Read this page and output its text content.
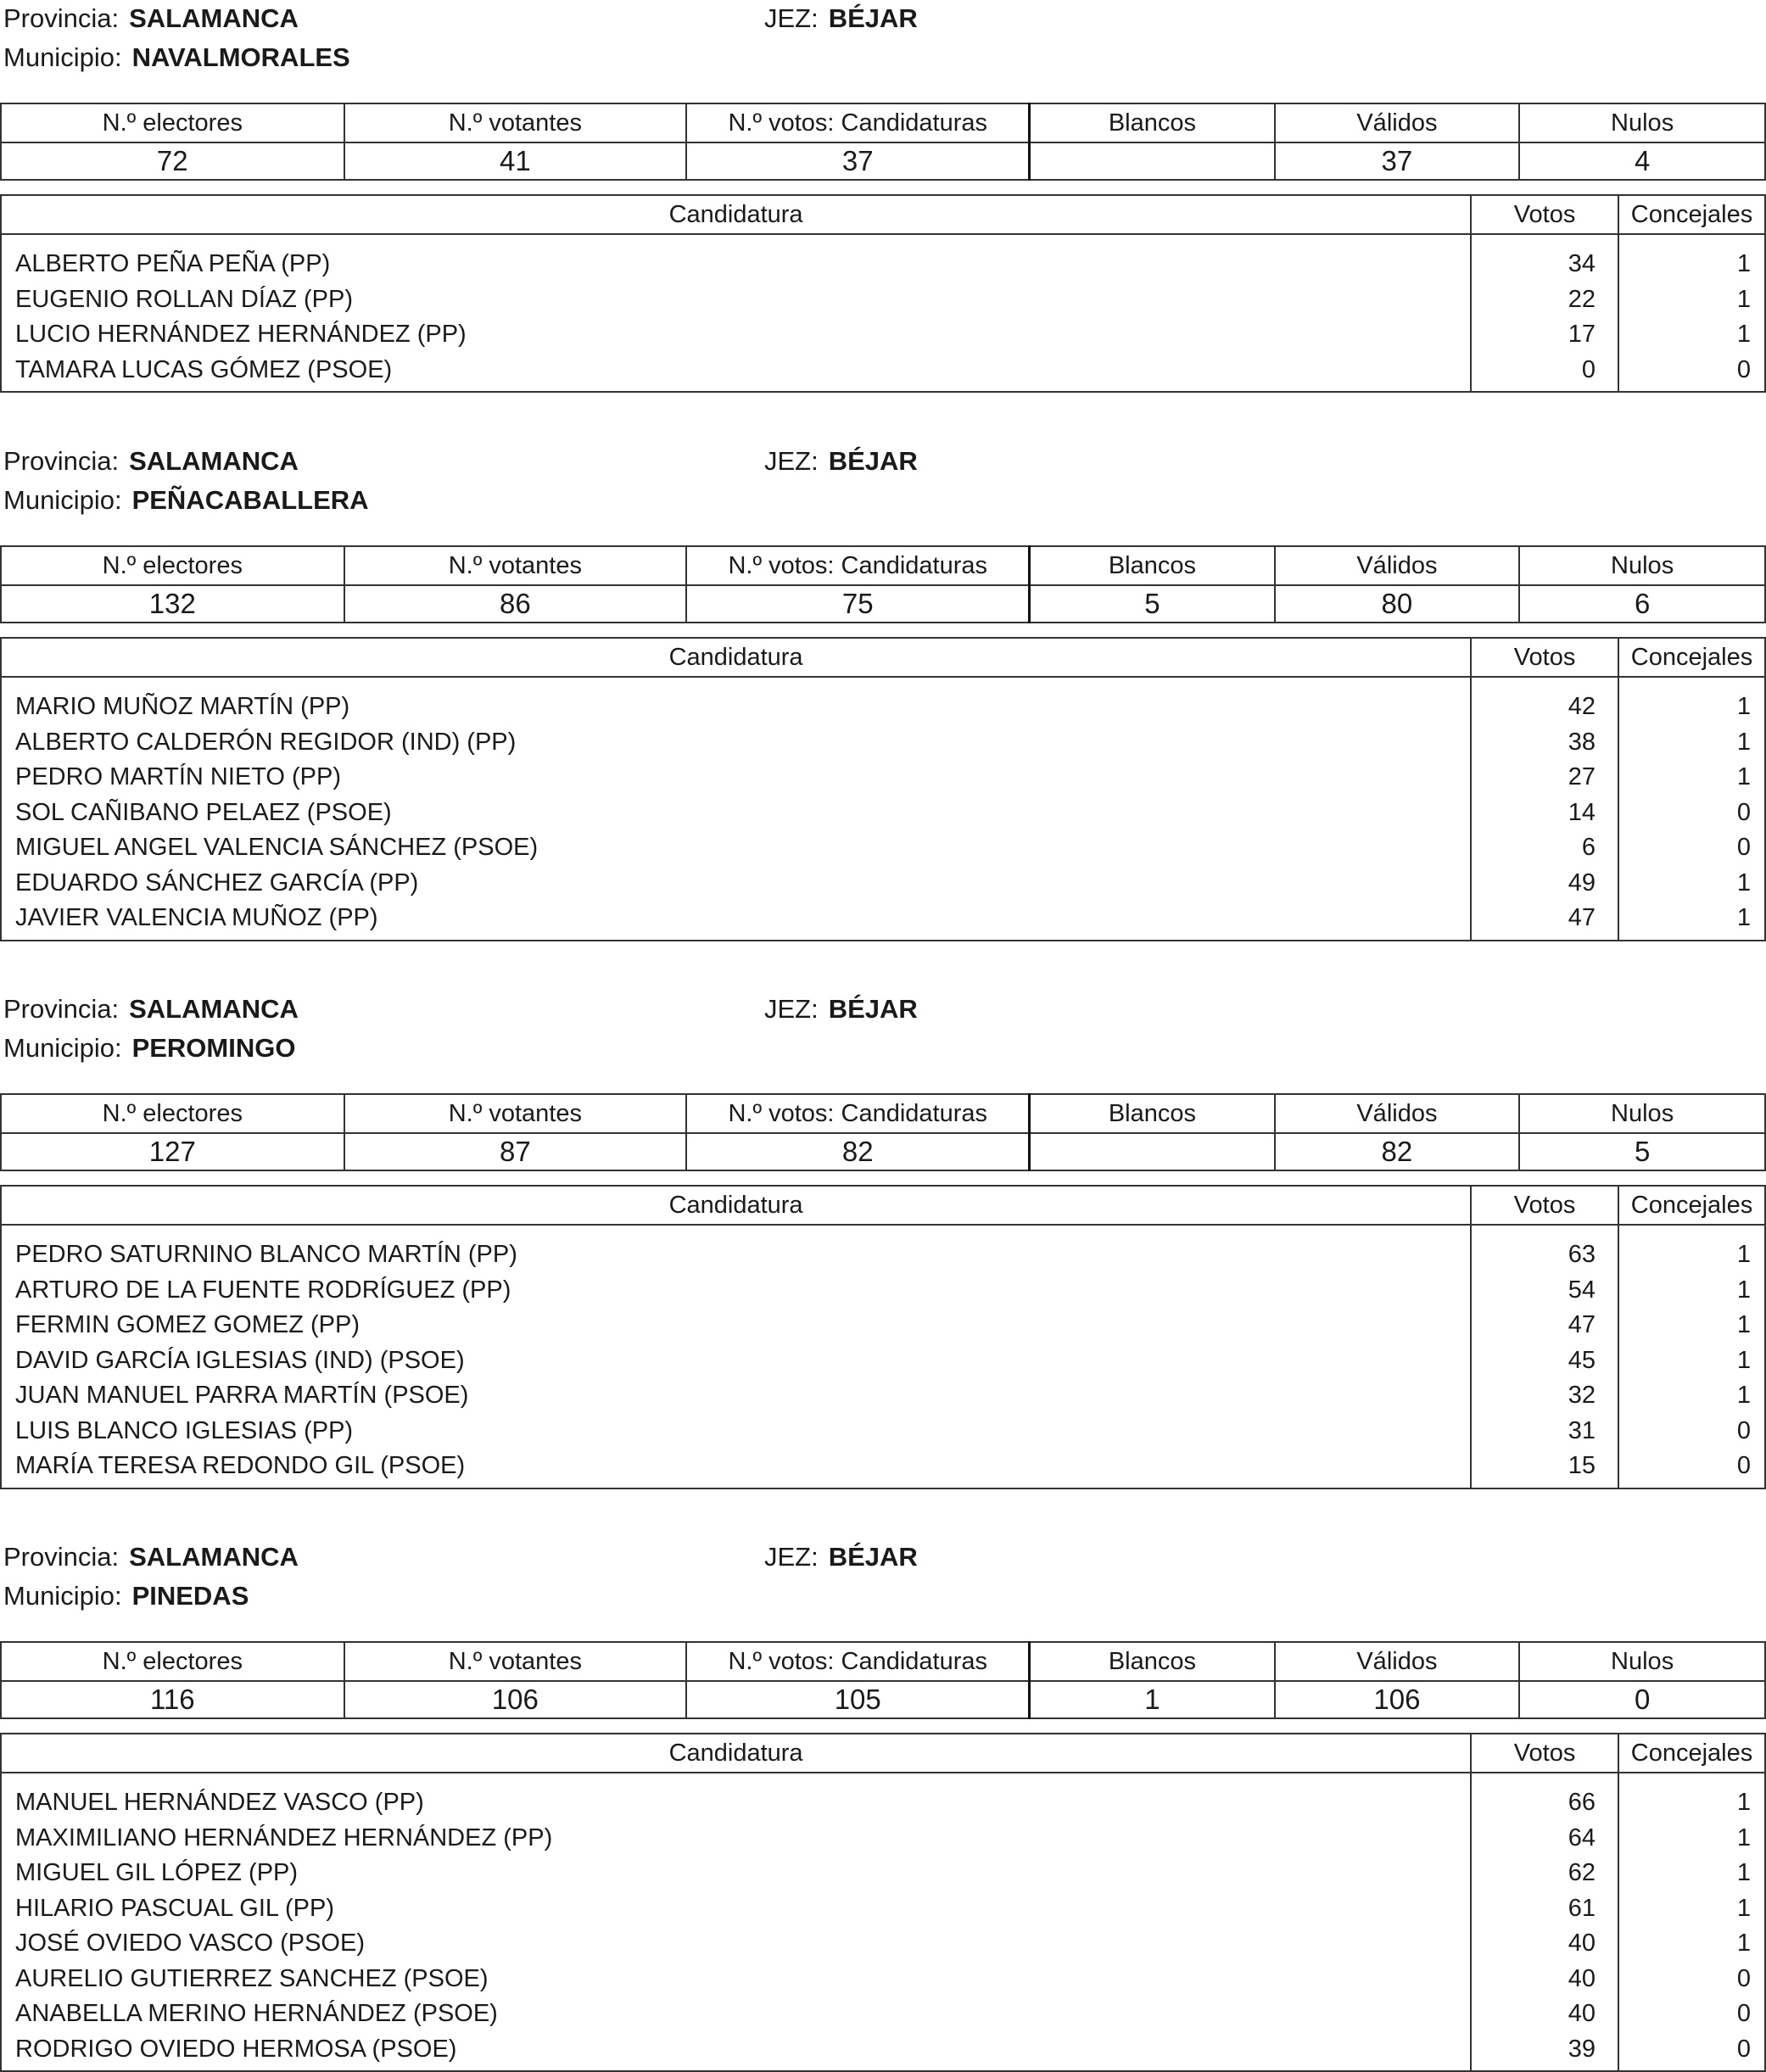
Provincia: SALAMANCA	JEZ: BÉJAR
Municipio: NAVALMORALES
N.º electores	N.º votantes	N.º votos: Candidaturas	Blancos	Válidos	Nulos
72	41	37		37	4
Candidatura	Votos	Concejales
ALBERTO PEÑA PEÑA (PP)	34	1
EUGENIO ROLLAN DÍAZ (PP)	22	1
LUCIO HERNÁNDEZ HERNÁNDEZ (PP)	17	1
TAMARA LUCAS GÓMEZ (PSOE)	0	0
Provincia: SALAMANCA	JEZ: BÉJAR
Municipio: PEÑACABALLERA
N.º electores	N.º votantes	N.º votos: Candidaturas	Blancos	Válidos	Nulos
132	86	75	5	80	6
Candidatura	Votos	Concejales
MARIO MUÑOZ MARTÍN (PP)	42	1
ALBERTO CALDERÓN REGIDOR (IND) (PP)	38	1
PEDRO MARTÍN NIETO (PP)	27	1
SOL CAÑIBANO PELAEZ (PSOE)	14	0
MIGUEL ANGEL VALENCIA SÁNCHEZ (PSOE)	6	0
EDUARDO SÁNCHEZ GARCÍA (PP)	49	1
JAVIER VALENCIA MUÑOZ (PP)	47	1
Provincia: SALAMANCA	JEZ: BÉJAR
Municipio: PEROMINGO
N.º electores	N.º votantes	N.º votos: Candidaturas	Blancos	Válidos	Nulos
127	87	82		82	5
Candidatura	Votos	Concejales
PEDRO SATURNINO BLANCO MARTÍN (PP)	63	1
ARTURO DE LA FUENTE RODRÍGUEZ (PP)	54	1
FERMIN GOMEZ GOMEZ (PP)	47	1
DAVID GARCÍA IGLESIAS (IND) (PSOE)	45	1
JUAN MANUEL PARRA MARTÍN (PSOE)	32	1
LUIS BLANCO IGLESIAS (PP)	31	0
MARÍA TERESA REDONDO GIL (PSOE)	15	0
Provincia: SALAMANCA	JEZ: BÉJAR
Municipio: PINEDAS
N.º electores	N.º votantes	N.º votos: Candidaturas	Blancos	Válidos	Nulos
116	106	105	1	106	0
Candidatura	Votos	Concejales
MANUEL HERNÁNDEZ VASCO (PP)	66	1
MAXIMILIANO HERNÁNDEZ HERNÁNDEZ (PP)	64	1
MIGUEL GIL LÓPEZ (PP)	62	1
HILARIO PASCUAL GIL (PP)	61	1
JOSÉ OVIEDO VASCO (PSOE)	40	1
AURELIO GUTIERREZ SANCHEZ (PSOE)	40	0
ANABELLA MERINO HERNÁNDEZ (PSOE)	40	0
RODRIGO OVIEDO HERMOSA (PSOE)	39	0
